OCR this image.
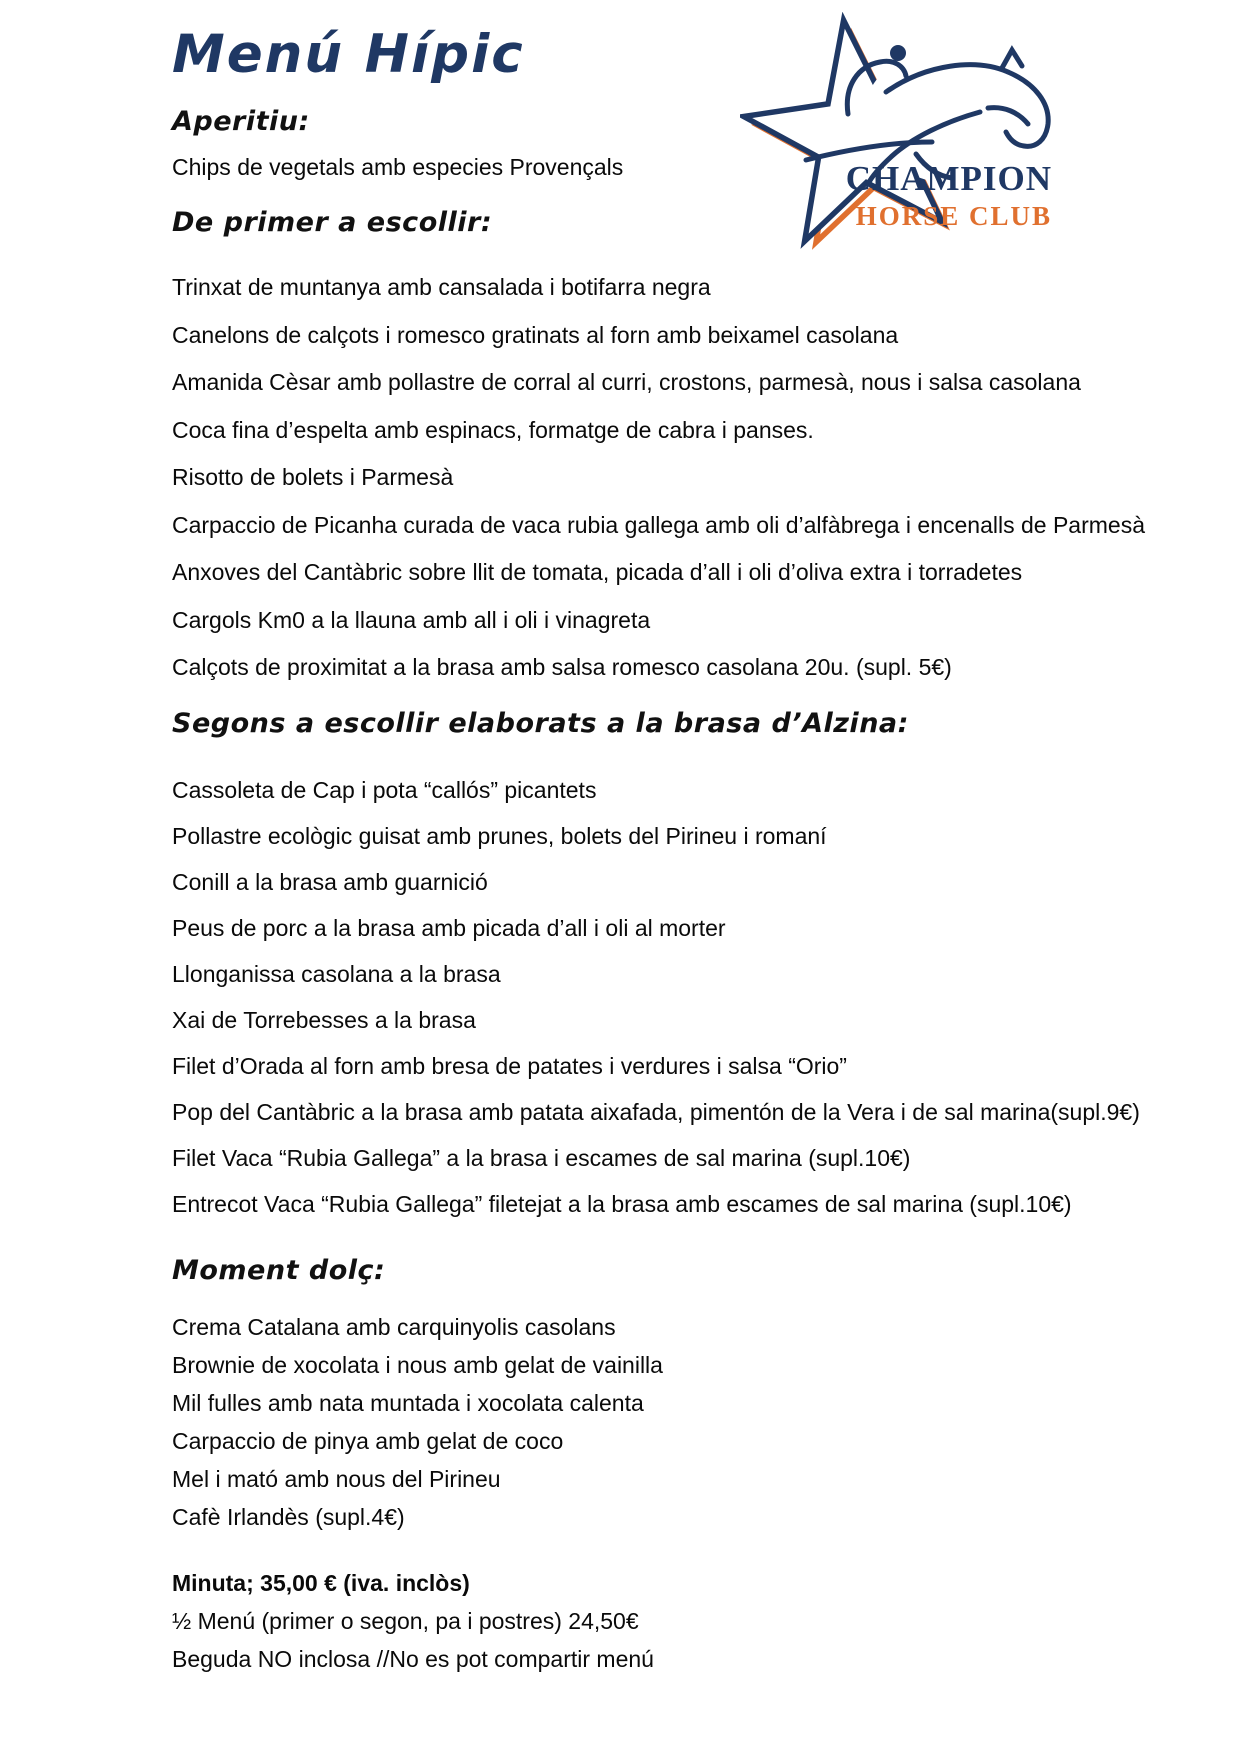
CHAMPION
HORSE CLUB
Menú Hípic
Aperitiu:

Chips de vegetals amb especies Provençals

De primer a escollir:

Trinxat de muntanya amb cansalada i botifarra negra

Canelons de calçots i romesco gratinats al forn amb beixamel casolana

Amanida Cèsar amb pollastre de corral al curri, crostons, parmesà, nous i salsa casolana

Coca fina d’espelta amb espinacs, formatge de cabra i panses.

Risotto de bolets i Parmesà

Carpaccio de Picanha curada de vaca rubia gallega amb oli d’alfàbrega i encenalls de Parmesà

Anxoves del Cantàbric sobre llit de tomata, picada d’all i oli d’oliva extra i torradetes

Cargols Km0 a la llauna amb all i oli i vinagreta

Calçots de proximitat a la brasa amb salsa romesco casolana 20u. (supl. 5€)

Segons a escollir elaborats a la brasa d’Alzina:

Cassoleta de Cap i pota “callós” picantets

Pollastre ecològic guisat amb prunes, bolets del Pirineu i romaní

Conill a la brasa amb guarnició

Peus de porc a la brasa amb picada d’all i oli al morter

Llonganissa casolana a la brasa

Xai de Torrebesses a la brasa

Filet d’Orada al forn amb bresa de patates i verdures i salsa “Orio”

Pop del Cantàbric a la brasa amb patata aixafada, pimentón de la Vera i de sal marina(supl.9€)

Filet Vaca “Rubia Gallega” a la brasa i escames de sal marina (supl.10€)

Entrecot Vaca “Rubia Gallega” filetejat a la brasa amb escames de sal marina (supl.10€)

Moment dolç:

Crema Catalana amb carquinyolis casolans

Brownie de xocolata i nous amb gelat de vainilla

Mil fulles amb nata muntada i xocolata calenta

Carpaccio de pinya amb gelat de coco

Mel i mató amb nous del Pirineu

Cafè Irlandès (supl.4€)

Minuta; 35,00 € (iva. inclòs)

½ Menú (primer o segon, pa i postres) 24,50€

Beguda NO inclosa //No es pot compartir menú
